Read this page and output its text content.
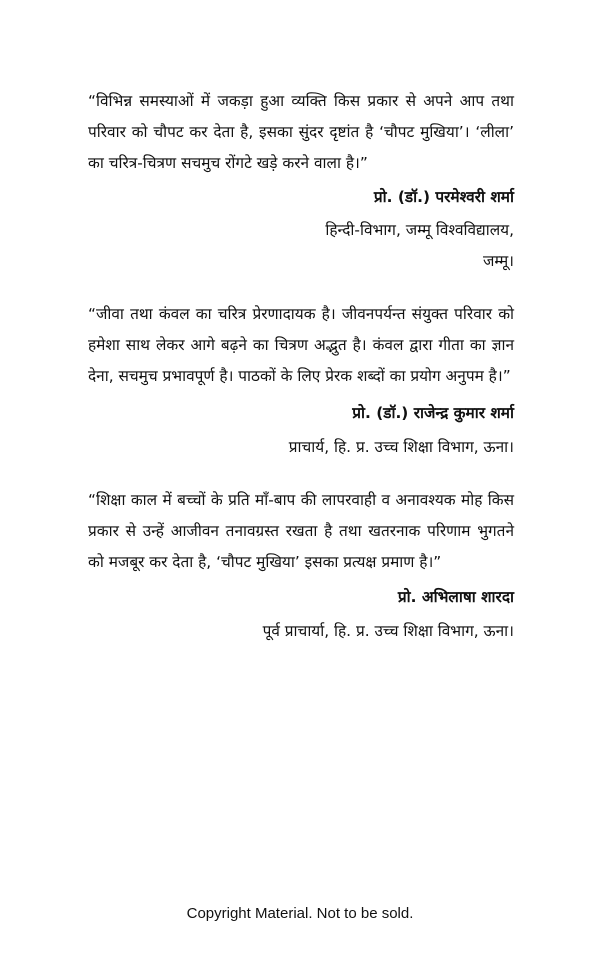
“विभिन्न समस्याओं में जकड़ा हुआ व्यक्ति किस प्रकार से अपने आप तथा परिवार को चौपट कर देता है, इसका सुंदर दृष्टांत है ‘चौपट मुखिया’। ‘लीला’ का चरित्र-चित्रण सचमुच रोंगटे खड़े करने वाला है।”

प्रो. (डॉ.) परमेश्वरी शर्मा

हिन्दी-विभाग, जम्मू विश्वविद्यालय,

जम्मू।

“जीवा तथा कंवल का चरित्र प्रेरणादायक है। जीवनपर्यन्त संयुक्त परिवार को हमेशा साथ लेकर आगे बढ़ने का चित्रण अद्भुत है। कंवल द्वारा गीता का ज्ञान देना, सचमुच प्रभावपूर्ण है। पाठकों के लिए प्रेरक शब्दों का प्रयोग अनुपम है।”

प्रो. (डॉ.) राजेन्द्र कुमार शर्मा

प्राचार्य, हि. प्र. उच्च शिक्षा विभाग, ऊना।

“शिक्षा काल में बच्चों के प्रति माँ-बाप की लापरवाही व अनावश्यक मोह किस प्रकार से उन्हें आजीवन तनावग्रस्त रखता है तथा खतरनाक परिणाम भुगतने को मजबूर कर देता है, ‘चौपट मुखिया’ इसका प्रत्यक्ष प्रमाण है।”

प्रो. अभिलाषा शारदा

पूर्व प्राचार्या, हि. प्र. उच्च शिक्षा विभाग, ऊना।

Copyright Material. Not to be sold.
